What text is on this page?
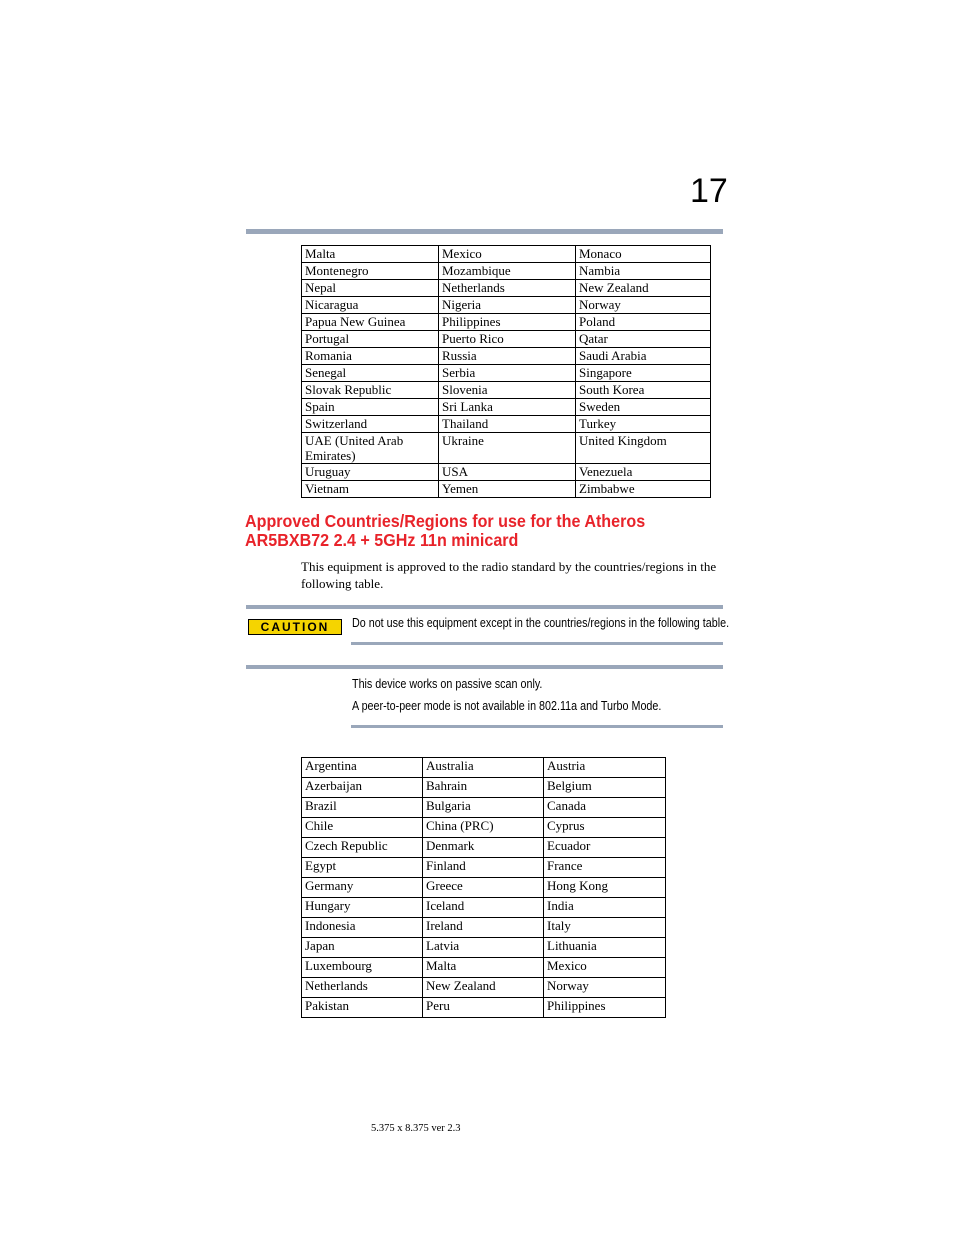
17
Malta	Mexico	Monaco
Montenegro	Mozambique	Nambia
Nepal	Netherlands	New Zealand
Nicaragua	Nigeria	Norway
Papua New Guinea	Philippines	Poland
Portugal	Puerto Rico	Qatar
Romania	Russia	Saudi Arabia
Senegal	Serbia	Singapore
Slovak Republic	Slovenia	South Korea
Spain	Sri Lanka	Sweden
Switzerland	Thailand	Turkey
UAE (United Arab Emirates)	Ukraine	United Kingdom
Uruguay	USA	Venezuela
Vietnam	Yemen	Zimbabwe
Approved Countries/Regions for use for the Atheros AR5BXB72 2.4 + 5GHz 11n minicard
This equipment is approved to the radio standard by the countries/regions in the following table.
CAUTION	Do not use this equipment except in the countries/regions in the following table.
This device works on passive scan only.
A peer-to-peer mode is not available in 802.11a and Turbo Mode.
Argentina	Australia	Austria
Azerbaijan	Bahrain	Belgium
Brazil	Bulgaria	Canada
Chile	China (PRC)	Cyprus
Czech Republic	Denmark	Ecuador
Egypt	Finland	France
Germany	Greece	Hong Kong
Hungary	Iceland	India
Indonesia	Ireland	Italy
Japan	Latvia	Lithuania
Luxembourg	Malta	Mexico
Netherlands	New Zealand	Norway
Pakistan	Peru	Philippines
5.375 x 8.375 ver 2.3
